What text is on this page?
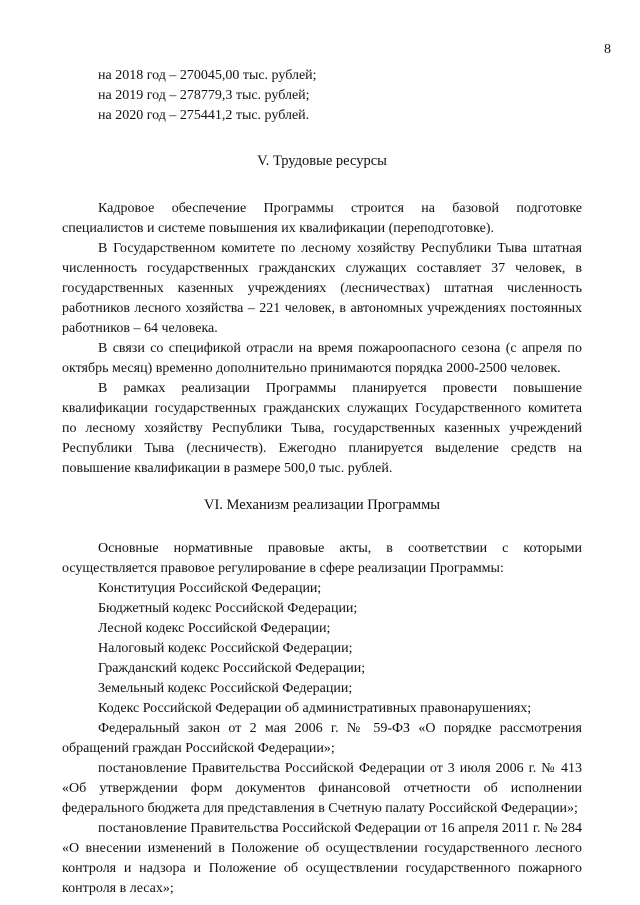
8
на 2018 год – 270045,00 тыс. рублей;
на 2019 год – 278779,3 тыс. рублей;
на 2020 год – 275441,2 тыс. рублей.
V. Трудовые ресурсы
Кадровое обеспечение Программы строится на базовой подготовке специалистов и системе повышения их квалификации (переподготовке).
В Государственном комитете по лесному хозяйству Республики Тыва штатная численность государственных гражданских служащих составляет 37 человек, в государственных казенных учреждениях (лесничествах) штатная численность работников лесного хозяйства – 221 человек, в автономных учреждениях постоянных работников – 64 человека.
В связи со спецификой отрасли на время пожароопасного сезона (с апреля по октябрь месяц) временно дополнительно принимаются порядка 2000-2500 человек.
В рамках реализации Программы планируется провести повышение квалификации государственных гражданских служащих Государственного комитета по лесному хозяйству Республики Тыва, государственных казенных учреждений Республики Тыва (лесничеств). Ежегодно планируется выделение средств на повышение квалификации в размере 500,0 тыс. рублей.
VI. Механизм реализации Программы
Основные нормативные правовые акты, в соответствии с которыми осуществляется правовое регулирование в сфере реализации Программы:
Конституция Российской Федерации;
Бюджетный кодекс Российской Федерации;
Лесной кодекс Российской Федерации;
Налоговый кодекс Российской Федерации;
Гражданский кодекс Российской Федерации;
Земельный кодекс Российской Федерации;
Кодекс Российской Федерации об административных правонарушениях;
Федеральный закон от 2 мая 2006 г. № 59-ФЗ «О порядке рассмотрения обращений граждан Российской Федерации»;
постановление Правительства Российской Федерации от 3 июля 2006 г. № 413 «Об утверждении форм документов финансовой отчетности об исполнении федерального бюджета для представления в Счетную палату Российской Федерации»;
постановление Правительства Российской Федерации от 16 апреля 2011 г. № 284 «О внесении изменений в Положение об осуществлении государственного лесного контроля и надзора и Положение об осуществлении государственного пожарного контроля в лесах»;
